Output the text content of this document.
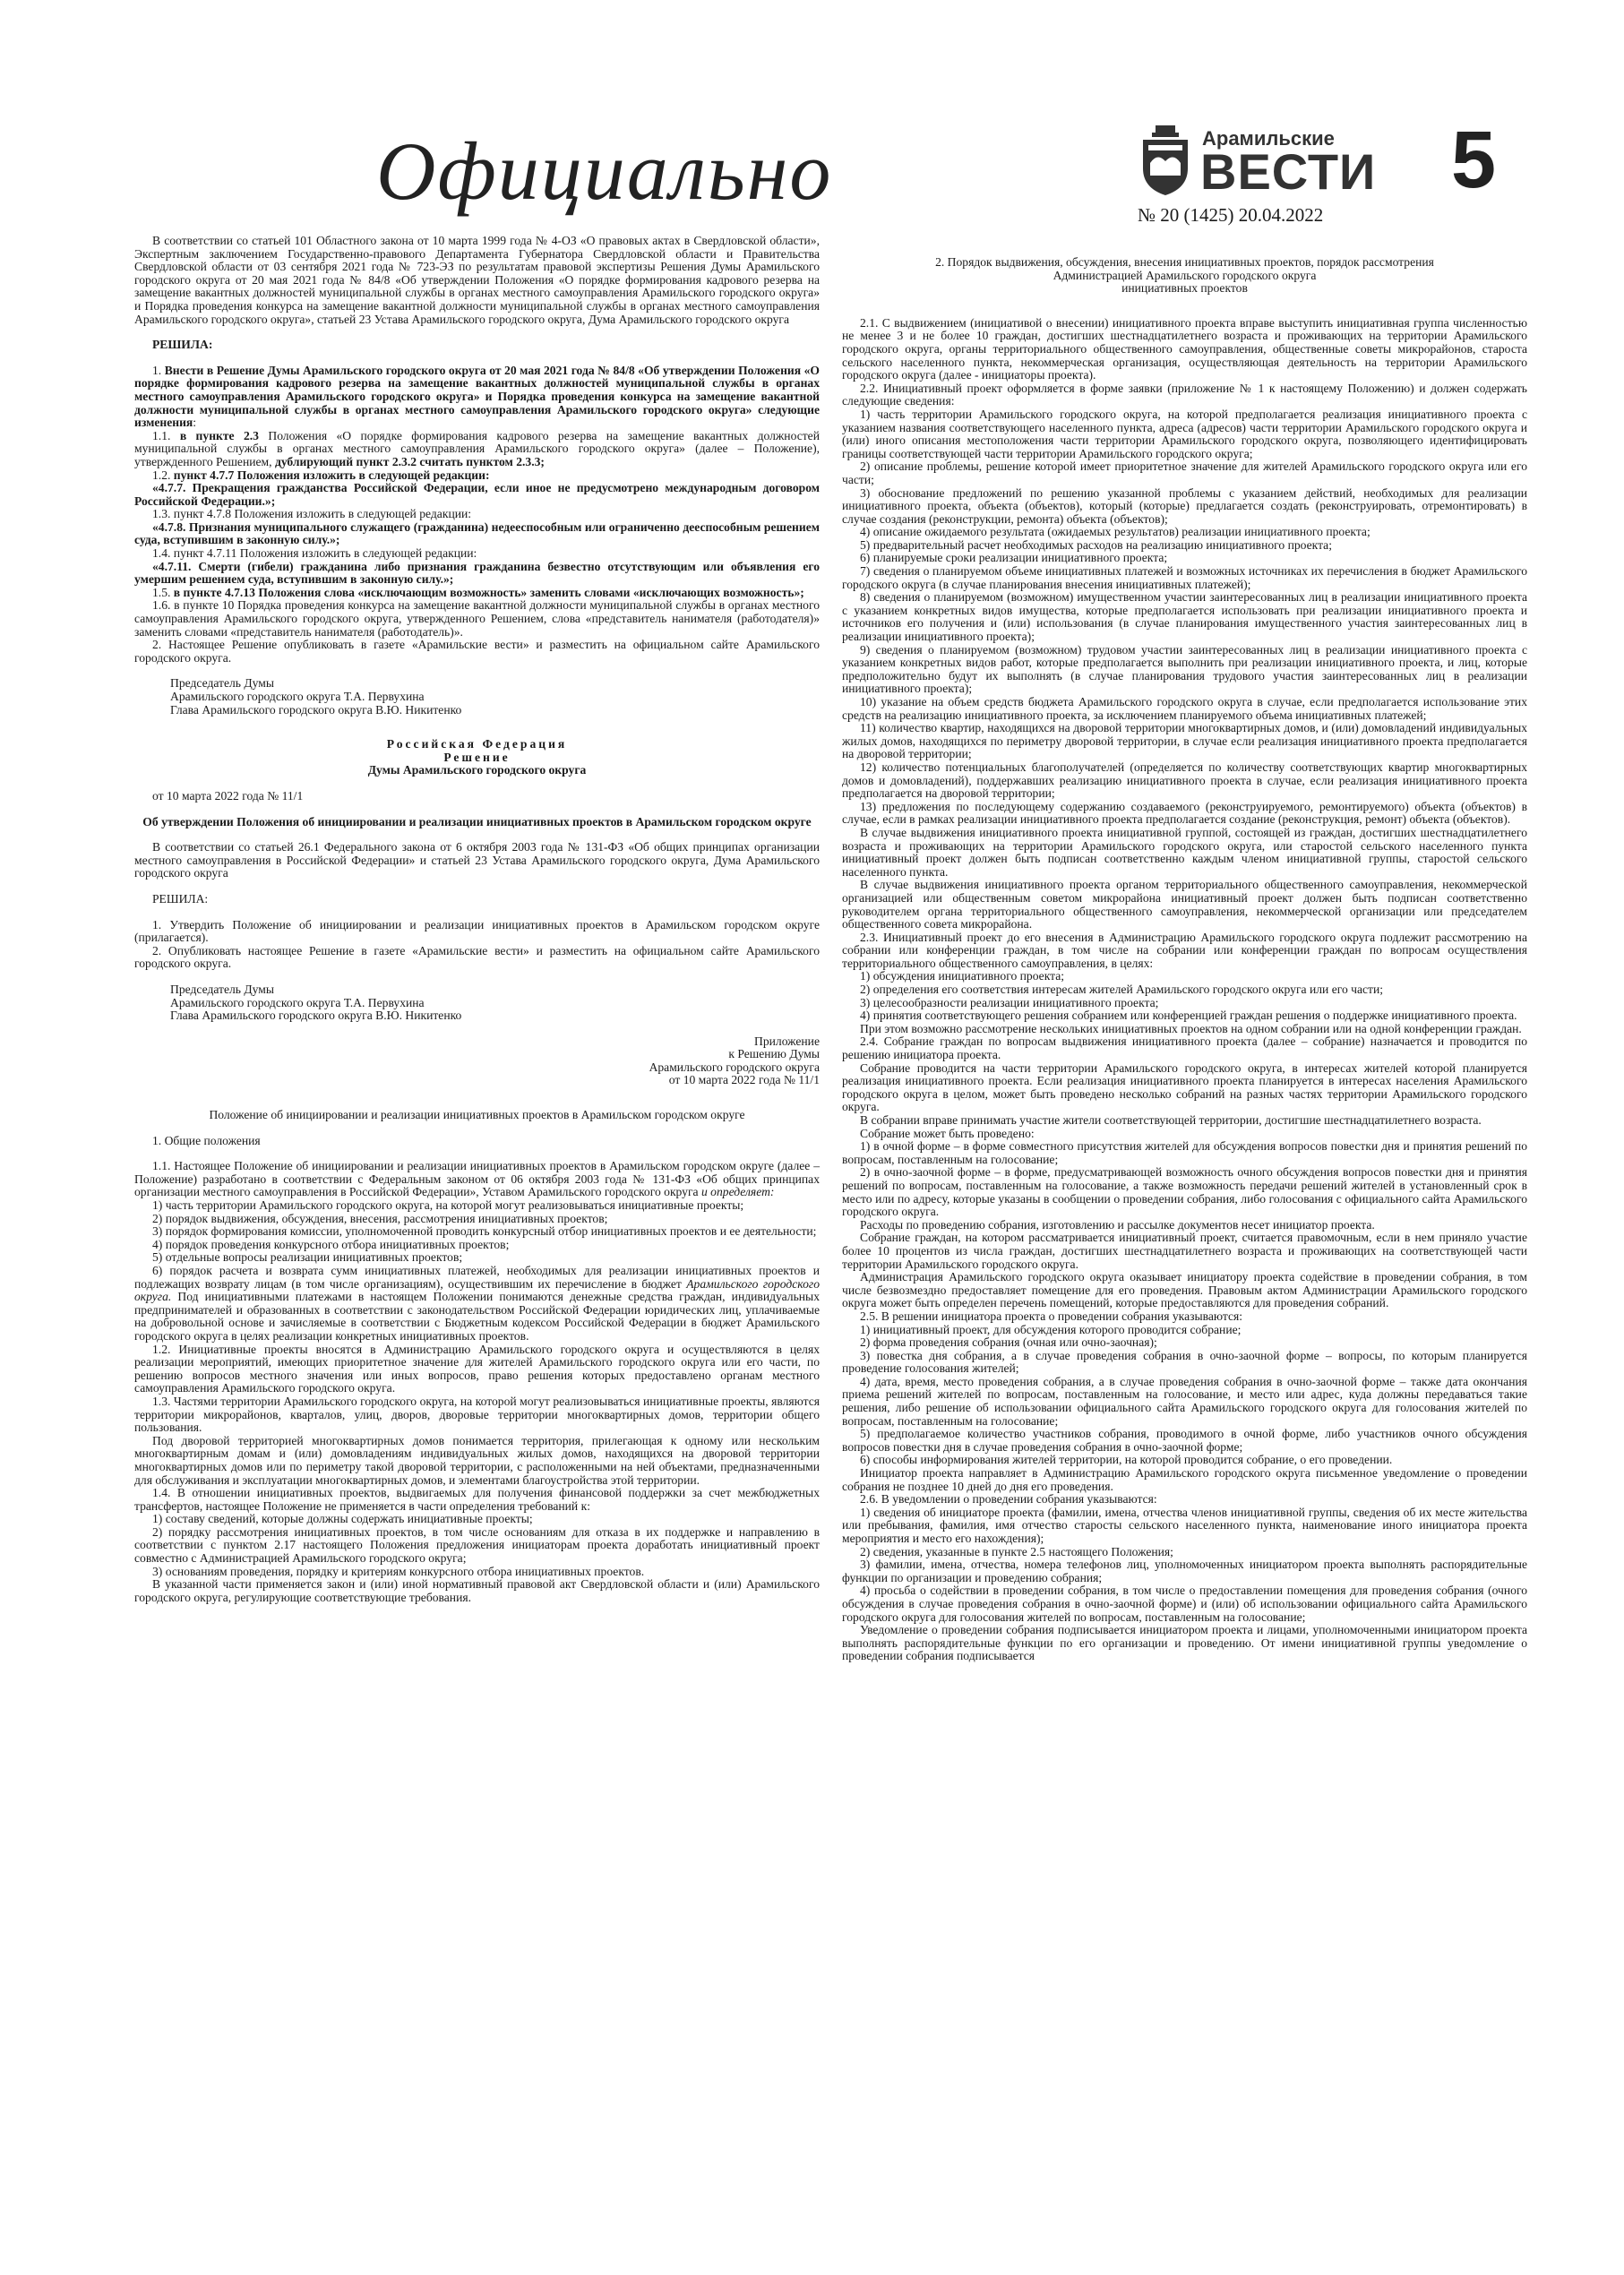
Официально	Арамильские
ВЕСТИ
№ 20 (1425) 20.04.2022
5

В соответствии со статьей 101 Областного закона от 10 марта 1999 года № 4-ОЗ «О правовых актах в Свердловской области», Экспертным заключением Государственно-правового Департамента Губернатора Свердловской области и Правительства Свердловской области от 03 сентября 2021 года № 723-ЭЗ по результатам правовой экспертизы Решения Думы Арамильского городского округа от 20 мая 2021 года № 84/8 «Об утверждении Положения «О порядке формирования кадрового резерва на замещение вакантных должностей муниципальной службы в органах местного самоуправления Арамильского городского округа» и Порядка проведения конкурса на замещение вакантной должности муниципальной службы в органах местного самоуправления Арамильского городского округа», статьей 23 Устава Арамильского городского округа, Дума Арамильского городского округа

РЕШИЛА:

1. Внести в Решение Думы Арамильского городского округа от 20 мая 2021 года № 84/8 «Об утверждении Положения «О порядке формирования кадрового резерва на замещение вакантных должностей муниципальной службы в органах местного самоуправления Арамильского городского округа» и Порядка проведения конкурса на замещение вакантной должности муниципальной службы в органах местного самоуправления Арамильского городского округа» следующие изменения:

1.1. в пункте 2.3 Положения «О порядке формирования кадрового резерва на замещение вакантных должностей муниципальной службы в органах местного самоуправления Арамильского городского округа» (далее – Положение), утвержденного Решением, дублирующий пункт 2.3.2 считать пунктом 2.3.3;

1.2. пункт 4.7.7 Положения изложить в следующей редакции:

«4.7.7. Прекращения гражданства Российской Федерации, если иное не предусмотрено международным договором Российской Федерации.»;

1.3. пункт 4.7.8 Положения изложить в следующей редакции:

«4.7.8. Признания муниципального служащего (гражданина) недееспособным или ограниченно дееспособным решением суда, вступившим в законную силу.»;

1.4. пункт 4.7.11 Положения изложить в следующей редакции:

«4.7.11. Смерти (гибели) гражданина либо признания гражданина безвестно отсутствующим или объявления его умершим решением суда, вступившим в законную силу.»;

1.5. в пункте 4.7.13 Положения слова «исключающим возможность» заменить словами «исключающих возможность»;

1.6. в пункте 10 Порядка проведения конкурса на замещение вакантной должности муниципальной службы в органах местного самоуправления Арамильского городского округа, утвержденного Решением, слова «представитель нанимателя (работодателя)» заменить словами «представитель нанимателя (работодатель)».

2. Настоящее Решение опубликовать в газете «Арамильские вести» и разместить на официальном сайте Арамильского городского округа.

Председатель Думы

Арамильского городского округа Т.А. Первухина

Глава Арамильского городского округа В.Ю. Никитенко

Российская Федерация

Решение

Думы Арамильского городского округа

от 10 марта 2022 года № 11/1

Об утверждении Положения об инициировании и реализации инициативных проектов в Арамильском городском округе

В соответствии со статьей 26.1 Федерального закона от 6 октября 2003 года № 131-ФЗ «Об общих принципах организации местного самоуправления в Российской Федерации» и статьей 23 Устава Арамильского городского округа, Дума Арамильского городского округа

РЕШИЛА:

1. Утвердить Положение об инициировании и реализации инициативных проектов в Арамильском городском округе (прилагается).

2. Опубликовать настоящее Решение в газете «Арамильские вести» и разместить на официальном сайте Арамильского городского округа.

Председатель Думы

Арамильского городского округа Т.А. Первухина

Глава Арамильского городского округа В.Ю. Никитенко

Приложение

к Решению Думы

Арамильского городского округа

от 10 марта 2022 года № 11/1

Положение об инициировании и реализации инициативных проектов в Арамильском городском округе

1. Общие положения

1.1. Настоящее Положение об инициировании и реализации инициативных проектов в Арамильском городском округе (далее – Положение) разработано в соответствии с Федеральным законом от 06 октября 2003 года № 131-ФЗ «Об общих принципах организации местного самоуправления в Российской Федерации», Уставом Арамильского городского округа и определяет:

1) часть территории Арамильского городского округа, на которой могут реализовываться инициативные проекты;

2) порядок выдвижения, обсуждения, внесения, рассмотрения инициативных проектов;

3) порядок формирования комиссии, уполномоченной проводить конкурсный отбор инициативных проектов и ее деятельности;

4) порядок проведения конкурсного отбора инициативных проектов;

5) отдельные вопросы реализации инициативных проектов;

6) порядок расчета и возврата сумм инициативных платежей, необходимых для реализации инициативных проектов и подлежащих возврату лицам (в том числе организациям), осуществившим их перечисление в бюджет Арамильского городского округа. Под инициативными платежами в настоящем Положении понимаются денежные средства граждан, индивидуальных предпринимателей и образованных в соответствии с законодательством Российской Федерации юридических лиц, уплачиваемые на добровольной основе и зачисляемые в соответствии с Бюджетным кодексом Российской Федерации в бюджет Арамильского городского округа в целях реализации конкретных инициативных проектов.

1.2. Инициативные проекты вносятся в Администрацию Арамильского городского округа и осуществляются в целях реализации мероприятий, имеющих приоритетное значение для жителей Арамильского городского округа или его части, по решению вопросов местного значения или иных вопросов, право решения которых предоставлено органам местного самоуправления Арамильского городского округа.

1.3. Частями территории Арамильского городского округа, на которой могут реализовываться инициативные проекты, являются территории микрорайонов, кварталов, улиц, дворов, дворовые территории многоквартирных домов, территории общего пользования.

Под дворовой территорией многоквартирных домов понимается территория, прилегающая к одному или нескольким многоквартирным домам и (или) домовладениям индивидуальных жилых домов, находящихся на дворовой территории многоквартирных домов или по периметру такой дворовой территории, с расположенными на ней объектами, предназначенными для обслуживания и эксплуатации многоквартирных домов, и элементами благоустройства этой территории.

1.4. В отношении инициативных проектов, выдвигаемых для получения финансовой поддержки за счет межбюджетных трансфертов, настоящее Положение не применяется в части определения требований к:

1) составу сведений, которые должны содержать инициативные проекты;

2) порядку рассмотрения инициативных проектов, в том числе основаниям для отказа в их поддержке и направлению в соответствии с пунктом 2.17 настоящего Положения предложения инициаторам проекта доработать инициативный проект совместно с Администрацией Арамильского городского округа;

3) основаниям проведения, порядку и критериям конкурсного отбора инициативных проектов.

В указанной части применяется закон и (или) иной нормативный правовой акт Свердловской области и (или) Арамильского городского округа, регулирующие соответствующие требования.

2. Порядок выдвижения, обсуждения, внесения инициативных проектов, порядок рассмотрения

Администрацией Арамильского городского округа

инициативных проектов

2.1. С выдвижением (инициативой о внесении) инициативного проекта вправе выступить инициативная группа численностью не менее 3 и не более 10 граждан, достигших шестнадцатилетнего возраста и проживающих на территории Арамильского городского округа, органы территориального общественного самоуправления, общественные советы микрорайонов, староста сельского населенного пункта, некоммерческая организация, осуществляющая деятельность на территории Арамильского городского округа (далее - инициаторы проекта).

2.2. Инициативный проект оформляется в форме заявки (приложение № 1 к настоящему Положению) и должен содержать следующие сведения:

1) часть территории Арамильского городского округа, на которой предполагается реализация инициативного проекта с указанием названия соответствующего населенного пункта, адреса (адресов) части территории Арамильского городского округа и (или) иного описания местоположения части территории Арамильского городского округа, позволяющего идентифицировать границы соответствующей части территории Арамильского городского округа;

2) описание проблемы, решение которой имеет приоритетное значение для жителей Арамильского городского округа или его части;

3) обоснование предложений по решению указанной проблемы с указанием действий, необходимых для реализации инициативного проекта, объекта (объектов), который (которые) предлагается создать (реконструировать, отремонтировать) в случае создания (реконструкции, ремонта) объекта (объектов);

4) описание ожидаемого результата (ожидаемых результатов) реализации инициативного проекта;

5) предварительный расчет необходимых расходов на реализацию инициативного проекта;

6) планируемые сроки реализации инициативного проекта;

7) сведения о планируемом объеме инициативных платежей и возможных источниках их перечисления в бюджет Арамильского городского округа (в случае планирования внесения инициативных платежей);

8) сведения о планируемом (возможном) имущественном участии заинтересованных лиц в реализации инициативного проекта с указанием конкретных видов имущества, которые предполагается использовать при реализации инициативного проекта и источников его получения и (или) использования (в случае планирования имущественного участия заинтересованных лиц в реализации инициативного проекта);

9) сведения о планируемом (возможном) трудовом участии заинтересованных лиц в реализации инициативного проекта с указанием конкретных видов работ, которые предполагается выполнить при реализации инициативного проекта, и лиц, которые предположительно будут их выполнять (в случае планирования трудового участия заинтересованных лиц в реализации инициативного проекта);

10) указание на объем средств бюджета Арамильского городского округа в случае, если предполагается использование этих средств на реализацию инициативного проекта, за исключением планируемого объема инициативных платежей;

11) количество квартир, находящихся на дворовой территории многоквартирных домов, и (или) домовладений индивидуальных жилых домов, находящихся по периметру дворовой территории, в случае если реализация инициативного проекта предполагается на дворовой территории;

12) количество потенциальных благополучателей (определяется по количеству соответствующих квартир многоквартирных домов и домовладений), поддержавших реализацию инициативного проекта в случае, если реализация инициативного проекта предполагается на дворовой территории;

13) предложения по последующему содержанию создаваемого (реконструируемого, ремонтируемого) объекта (объектов) в случае, если в рамках реализации инициативного проекта предполагается создание (реконструкция, ремонт) объекта (объектов).

В случае выдвижения инициативного проекта инициативной группой, состоящей из граждан, достигших шестнадцатилетнего возраста и проживающих на территории Арамильского городского округа, или старостой сельского населенного пункта инициативный проект должен быть подписан соответственно каждым членом инициативной группы, старостой сельского населенного пункта.

В случае выдвижения инициативного проекта органом территориального общественного самоуправления, некоммерческой организацией или общественным советом микрорайона инициативный проект должен быть подписан соответственно руководителем органа территориального общественного самоуправления, некоммерческой организации или председателем общественного совета микрорайона.

2.3. Инициативный проект до его внесения в Администрацию Арамильского городского округа подлежит рассмотрению на собрании или конференции граждан, в том числе на собрании или конференции граждан по вопросам осуществления территориального общественного самоуправления, в целях:

1) обсуждения инициативного проекта;

2) определения его соответствия интересам жителей Арамильского городского округа или его части;

3) целесообразности реализации инициативного проекта;

4) принятия соответствующего решения собранием или конференцией граждан решения о поддержке инициативного проекта.

При этом возможно рассмотрение нескольких инициативных проектов на одном собрании или на одной конференции граждан.

2.4. Собрание граждан по вопросам выдвижения инициативного проекта (далее – собрание) назначается и проводится по решению инициатора проекта.

Собрание проводится на части территории Арамильского городского округа, в интересах жителей которой планируется реализация инициативного проекта. Если реализация инициативного проекта планируется в интересах населения Арамильского городского округа в целом, может быть проведено несколько собраний на разных частях территории Арамильского городского округа.

В собрании вправе принимать участие жители соответствующей территории, достигшие шестнадцатилетнего возраста.

Собрание может быть проведено:

1) в очной форме – в форме совместного присутствия жителей для обсуждения вопросов повестки дня и принятия решений по вопросам, поставленным на голосование;

2) в очно-заочной форме – в форме, предусматривающей возможность очного обсуждения вопросов повестки дня и принятия решений по вопросам, поставленным на голосование, а также возможность передачи решений жителей в установленный срок в место или по адресу, которые указаны в сообщении о проведении собрания, либо голосования с официального сайта Арамильского городского округа.

Расходы по проведению собрания, изготовлению и рассылке документов несет инициатор проекта.

Собрание граждан, на котором рассматривается инициативный проект, считается правомочным, если в нем приняло участие более 10 процентов из числа граждан, достигших шестнадцатилетнего возраста и проживающих на соответствующей части территории Арамильского городского округа.

Администрация Арамильского городского округа оказывает инициатору проекта содействие в проведении собрания, в том числе безвозмездно предоставляет помещение для его проведения. Правовым актом Администрации Арамильского городского округа может быть определен перечень помещений, которые предоставляются для проведения собраний.

2.5. В решении инициатора проекта о проведении собрания указываются:

1) инициативный проект, для обсуждения которого проводится собрание;

2) форма проведения собрания (очная или очно-заочная);

3) повестка дня собрания, а в случае проведения собрания в очно-заочной форме – вопросы, по которым планируется проведение голосования жителей;

4) дата, время, место проведения собрания, а в случае проведения собрания в очно-заочной форме – также дата окончания приема решений жителей по вопросам, поставленным на голосование, и место или адрес, куда должны передаваться такие решения, либо решение об использовании официального сайта Арамильского городского округа для голосования жителей по вопросам, поставленным на голосование;

5) предполагаемое количество участников собрания, проводимого в очной форме, либо участников очного обсуждения вопросов повестки дня в случае проведения собрания в очно-заочной форме;

6) способы информирования жителей территории, на которой проводится собрание, о его проведении.

Инициатор проекта направляет в Администрацию Арамильского городского округа письменное уведомление о проведении собрания не позднее 10 дней до дня его проведения.

2.6. В уведомлении о проведении собрания указываются:

1) сведения об инициаторе проекта (фамилии, имена, отчества членов инициативной группы, сведения об их месте жительства или пребывания, фамилия, имя отчество старосты сельского населенного пункта, наименование иного инициатора проекта мероприятия и место его нахождения);

2) сведения, указанные в пункте 2.5 настоящего Положения;

3) фамилии, имена, отчества, номера телефонов лиц, уполномоченных инициатором проекта выполнять распорядительные функции по организации и проведению собрания;

4) просьба о содействии в проведении собрания, в том числе о предоставлении помещения для проведения собрания (очного обсуждения в случае проведения собрания в очно-заочной форме) и (или) об использовании официального сайта Арамильского городского округа для голосования жителей по вопросам, поставленным на голосование;

Уведомление о проведении собрания подписывается инициатором проекта и лицами, уполномоченными инициатором проекта выполнять распорядительные функции по его организации и проведению. От имени инициативной группы уведомление о проведении собрания подписывается
